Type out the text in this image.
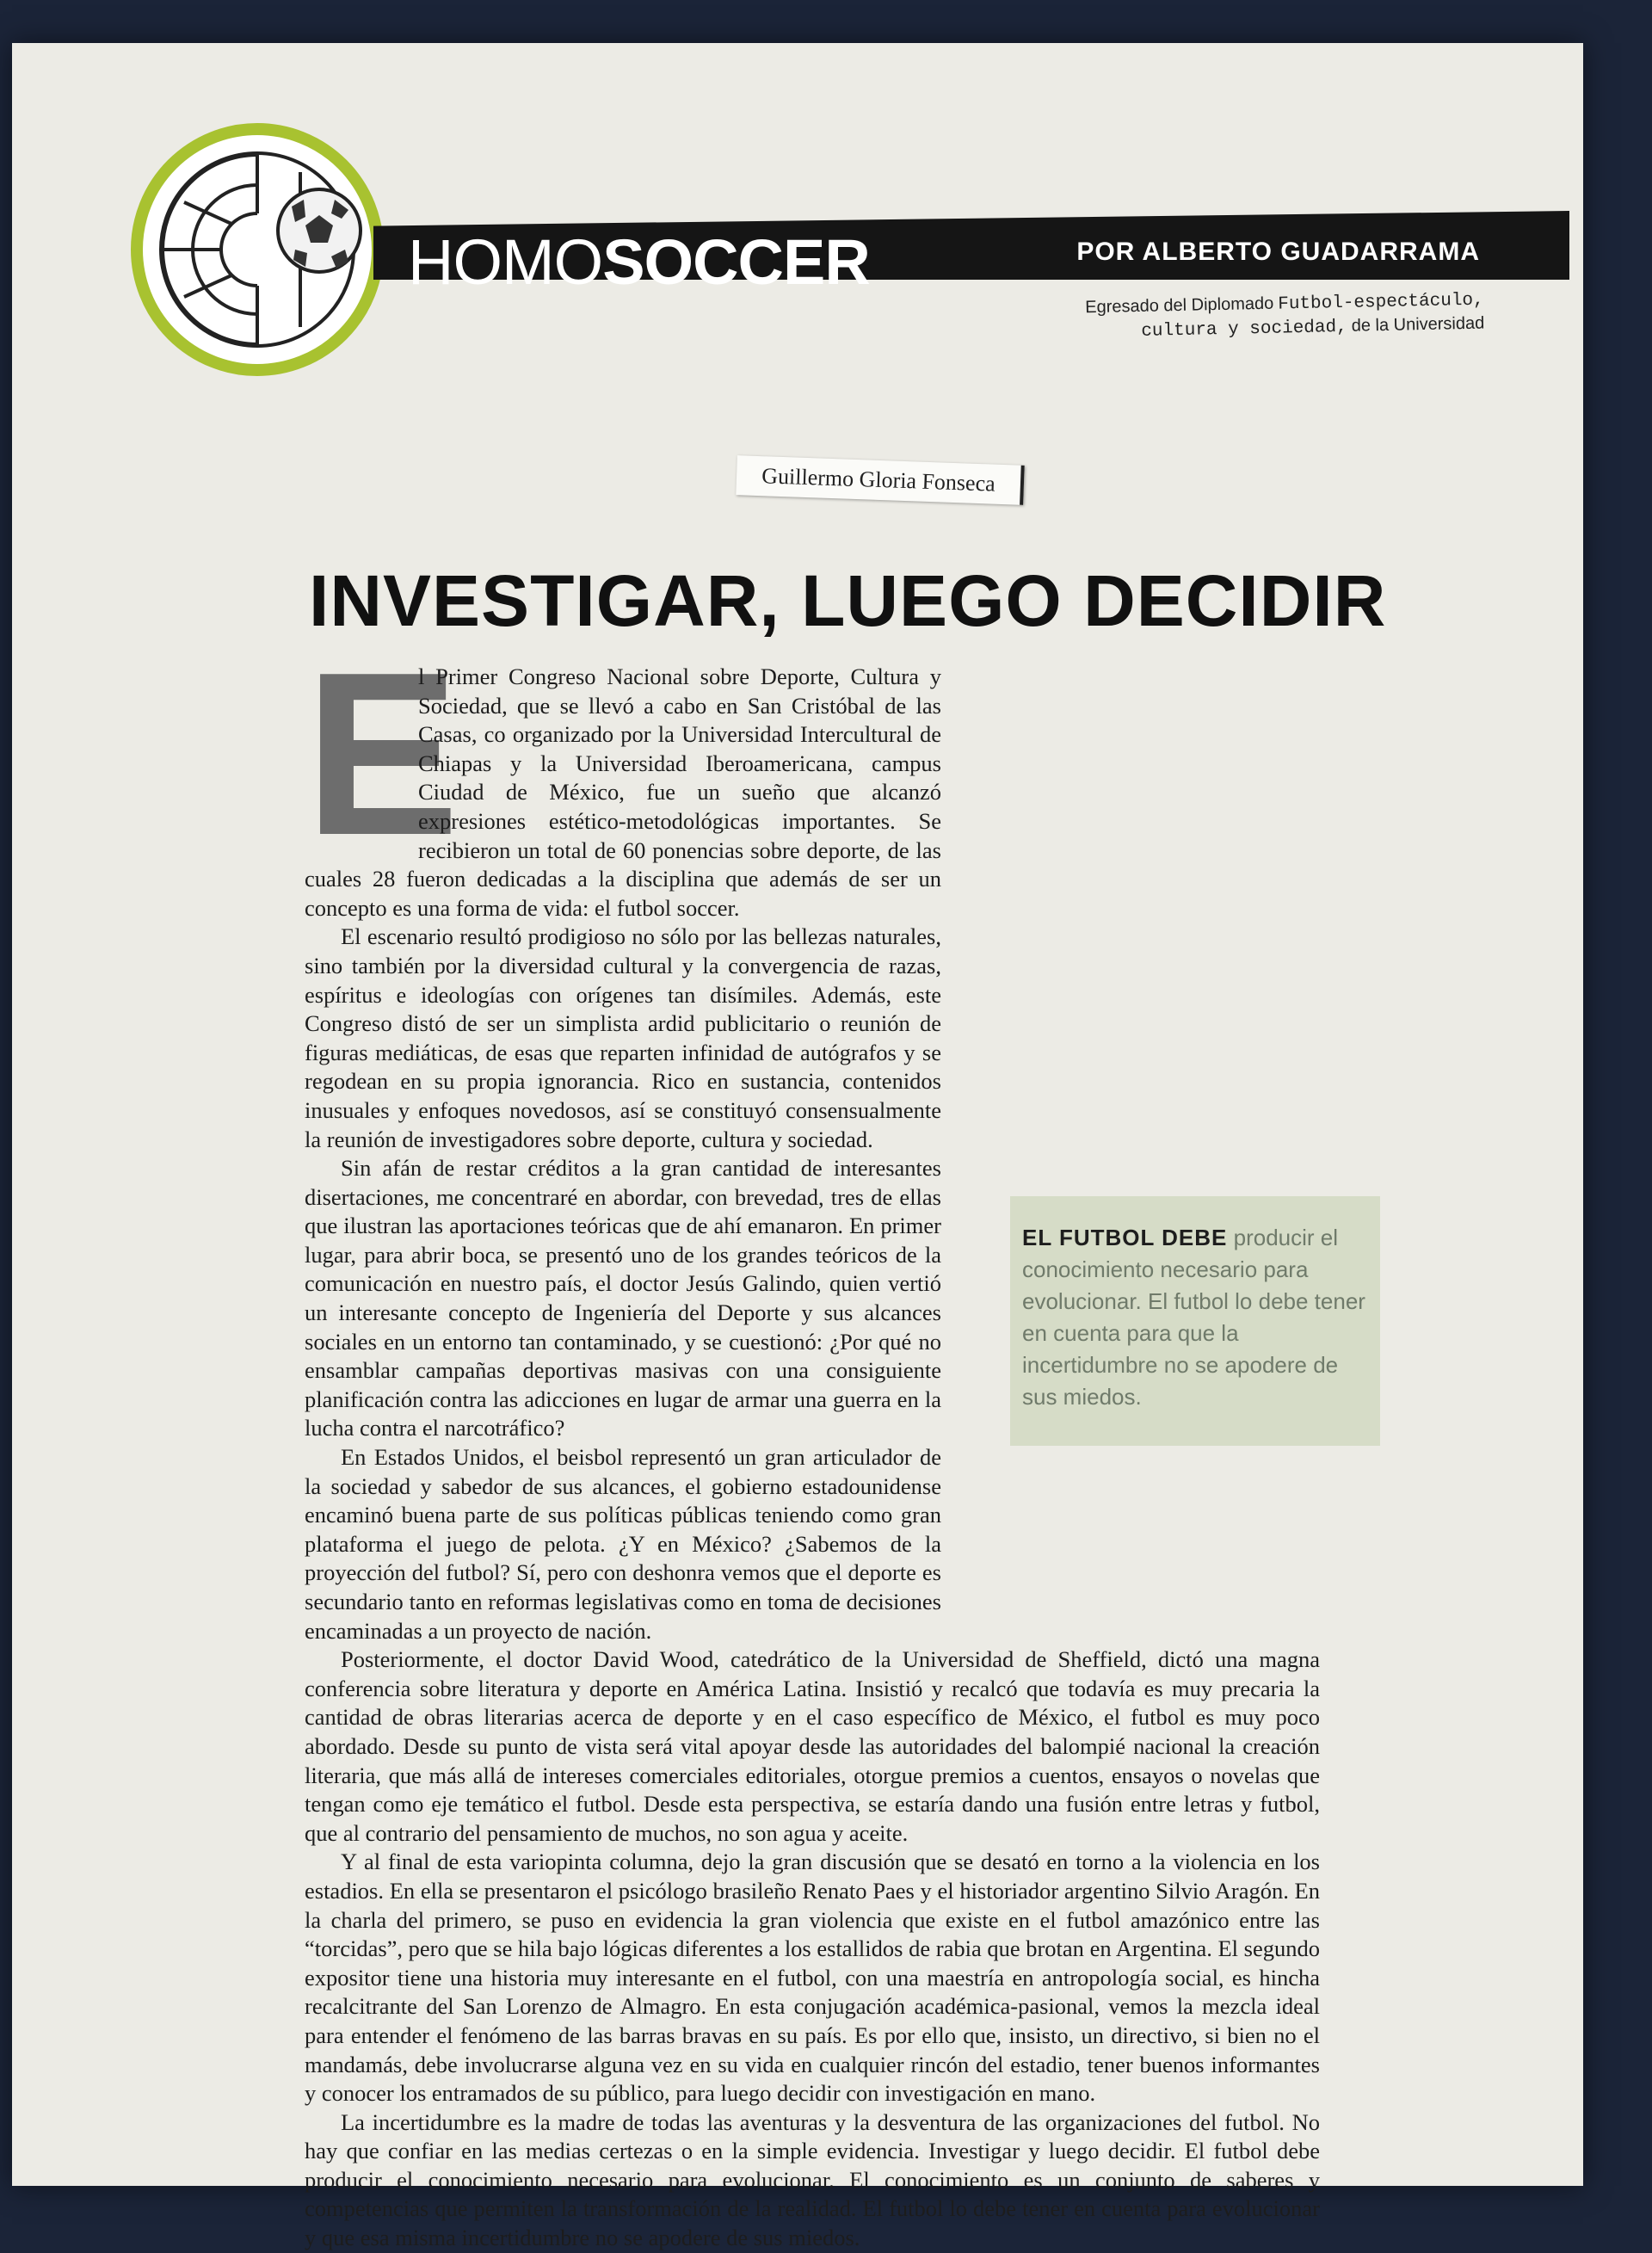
HOMOSOCCER	POR ALBERTO GUADARRAMA
Egresado del Diplomado Futbol-espectáculo, cultura y sociedad, de la Universidad
Guillermo Gloria Fonseca
INVESTIGAR, LUEGO DECIDIR
E

l Primer Congreso Nacional sobre Deporte, Cultura y Sociedad, que se llevó a cabo en San Cristóbal de las Casas, co organizado por la Universidad Intercultural de Chiapas y la Universidad Iberoamericana, campus Ciudad de México, fue un sueño que alcanzó expresiones estético-metodológicas importantes. Se recibieron un total de 60 ponencias sobre deporte, de las cuales 28 fueron dedicadas a la disciplina que además de ser un concepto es una forma de vida: el futbol soccer.

El escenario resultó prodigioso no sólo por las bellezas naturales, sino también por la diversidad cultural y la convergencia de razas, espíritus e ideologías con orígenes tan disímiles. Además, este Congreso distó de ser un simplista ardid publicitario o reunión de figuras mediáticas, de esas que reparten infinidad de autógrafos y se regodean en su propia ignorancia. Rico en sustancia, contenidos inusuales y enfoques novedosos, así se constituyó consensualmente la reunión de investigadores sobre deporte, cultura y sociedad.

Sin afán de restar créditos a la gran cantidad de interesantes disertaciones, me concentraré en abordar, con brevedad, tres de ellas que ilustran las aportaciones teóricas que de ahí emanaron. En primer lugar, para abrir boca, se presentó uno de los grandes teóricos de la comunicación en nuestro país, el doctor Jesús Galindo, quien vertió un interesante concepto de Ingeniería del Deporte y sus alcances sociales en un entorno tan contaminado, y se cuestionó: ¿Por qué no ensamblar campañas deportivas masivas con una consiguiente planificación contra las adicciones en lugar de armar una guerra en la lucha contra el narcotráfico?

En Estados Unidos, el beisbol representó un gran articulador de la sociedad y sabedor de sus alcances, el gobierno estadounidense encaminó buena parte de sus políticas públicas teniendo como gran plataforma el juego de pelota. ¿Y en México? ¿Sabemos de la proyección del futbol? Sí, pero con deshonra vemos que el deporte es secundario tanto en reformas legislativas como en toma de decisiones encaminadas a un proyecto de nación.

Posteriormente, el doctor David Wood, catedrático de la Universidad de Sheffield, dictó una magna conferencia sobre literatura y deporte en América Latina. Insistió y recalcó que todavía es muy precaria la cantidad de obras literarias acerca de deporte y en el caso específico de México, el futbol es muy poco abordado. Desde su punto de vista será vital apoyar desde las autoridades del balompié nacional la creación literaria, que más allá de intereses comerciales editoriales, otorgue premios a cuentos, ensayos o novelas que tengan como eje temático el futbol. Desde esta perspectiva, se estaría dando una fusión entre letras y futbol, que al contrario del pensamiento de muchos, no son agua y aceite.

Y al final de esta variopinta columna, dejo la gran discusión que se desató en torno a la violencia en los estadios. En ella se presentaron el psicólogo brasileño Renato Paes y el historiador argentino Silvio Aragón. En la charla del primero, se puso en evidencia la gran violencia que existe en el futbol amazónico entre las “torcidas”, pero que se hila bajo lógicas diferentes a los estallidos de rabia que brotan en Argentina. El segundo expositor tiene una historia muy interesante en el futbol, con una maestría en antropología social, es hincha recalcitrante del San Lorenzo de Almagro. En esta conjugación académica-pasional, vemos la mezcla ideal para entender el fenómeno de las barras bravas en su país. Es por ello que, insisto, un directivo, si bien no el mandamás, debe involucrarse alguna vez en su vida en cualquier rincón del estadio, tener buenos informantes y conocer los entramados de su público, para luego decidir con investigación en mano.

La incertidumbre es la madre de todas las aventuras y la desventura de las organizaciones del futbol. No hay que confiar en las medias certezas o en la simple evidencia. Investigar y luego decidir. El futbol debe producir el conocimiento necesario para evolucionar. El conocimiento es un conjunto de saberes y competencias que permiten la transformación de la realidad. El futbol lo debe tener en cuenta para evolucionar y que esa misma incertidumbre no se apodere de sus miedos.

EL FUTBOL DEBE producir el conocimiento necesario para evolucionar. El futbol lo debe tener en cuenta para que la incertidumbre no se apodere de sus miedos.
